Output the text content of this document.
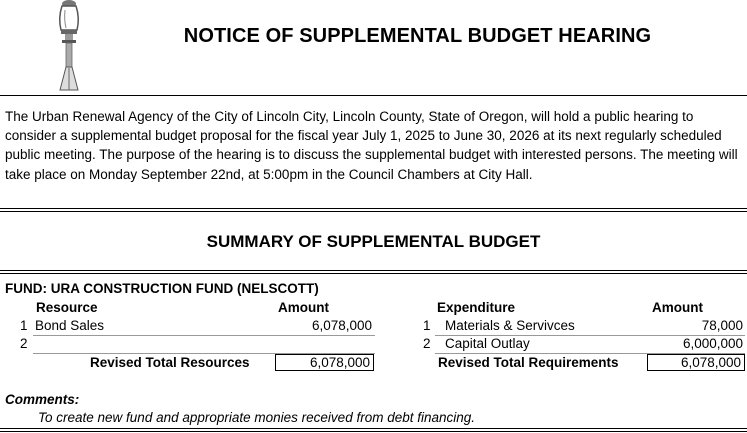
NOTICE OF SUPPLEMENTAL BUDGET HEARING
The Urban Renewal Agency of the City of Lincoln City, Lincoln County, State of Oregon, will hold a public hearing to consider a supplemental budget proposal for the fiscal year July 1, 2025 to June 30, 2026 at its next regularly scheduled public meeting. The purpose of the hearing is to discuss the supplemental budget with interested persons. The meeting will take place on Monday September 22nd, at 5:00pm in the Council Chambers at City Hall.
SUMMARY OF SUPPLEMENTAL BUDGET
FUND: URA CONSTRUCTION FUND (NELSCOTT)
Resource	Amount
1 Bond Sales	6,078,000
2
Revised Total Resources	6,078,000
Expenditure	Amount
1 Materials & Servivces	78,000
2 Capital Outlay	6,000,000
Revised Total Requirements	6,078,000
Comments:
To create new fund and appropriate monies received from debt financing.
